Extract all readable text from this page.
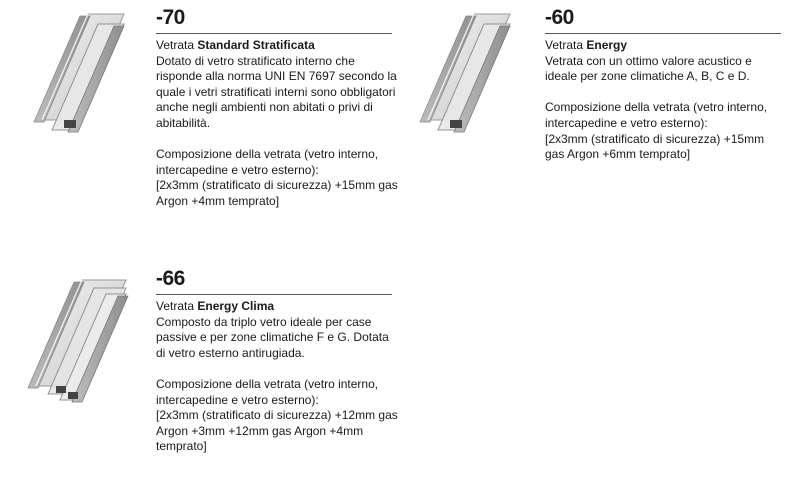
-70

Vetrata Standard Stratificata

Dotato di vetro stratificato interno che risponde alla norma UNI EN 7697 secondo la quale i vetri stratificati interni sono obbligatori anche negli ambienti non abitati o privi di abitabilità.

Composizione della vetrata (vetro interno, intercapedine e vetro esterno):

[2x3mm (stratificato di sicurezza) +15mm gas Argon +4mm temprato]

-60

Vetrata Energy

Vetrata con un ottimo valore acustico e ideale per zone climatiche A, B, C e D.

Composizione della vetrata (vetro interno, intercapedine e vetro esterno):

[2x3mm (stratificato di sicurezza) +15mm gas Argon +6mm temprato]

-66

Vetrata Energy Clima

Composto da triplo vetro ideale per case passive e per zone climatiche F e G. Dotata di vetro esterno antirugiada.

Composizione della vetrata (vetro interno, intercapedine e vetro esterno):

[2x3mm (stratificato di sicurezza) +12mm gas Argon +3mm +12mm gas Argon +4mm temprato]
